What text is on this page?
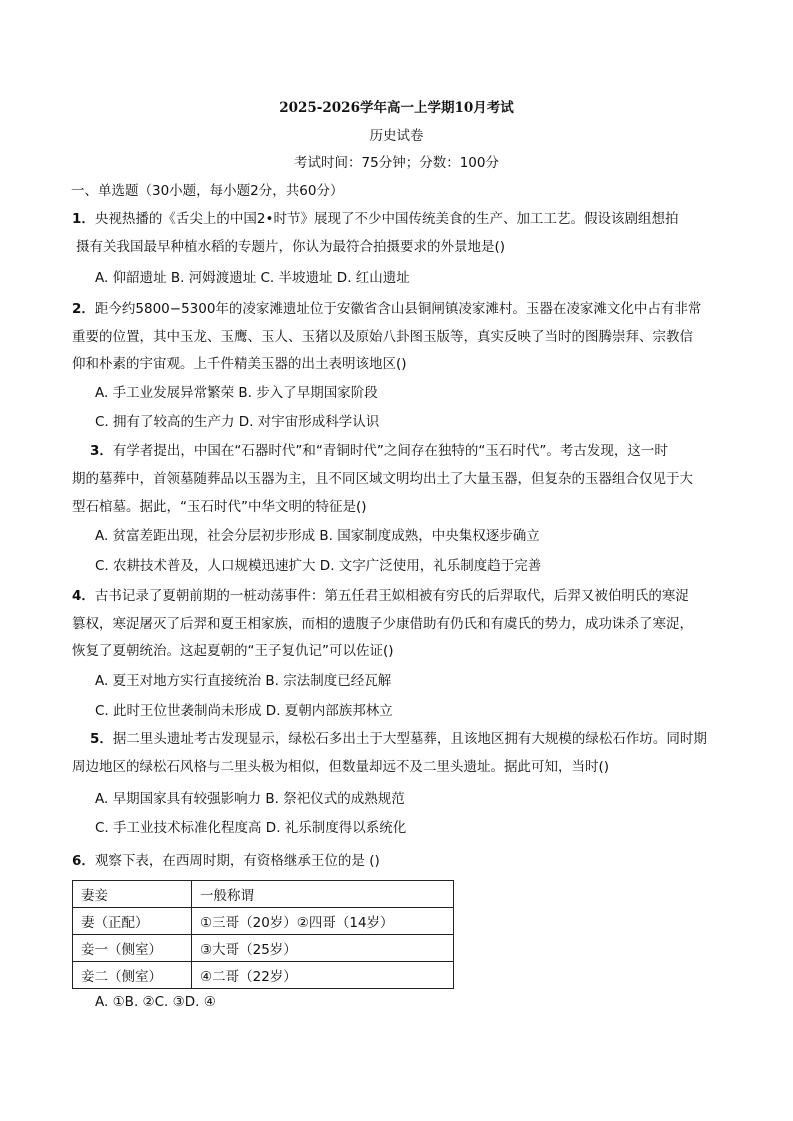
2025-2026学年高一上学期10月考试
历史试卷
考试时间：75分钟；分数：100分
一、单选题（30小题，每小题2分，共60分）
1．央视热播的《舌尖上的中国2•时节》展现了不少中国传统美食的生产、加工工艺。假设该剧组想拍
摄有关我国最早种植水稻的专题片，你认为最符合拍摄要求的外景地是()
A. 仰韶遗址 B. 河姆渡遗址 C. 半坡遗址 D. 红山遗址
2．距今约5800−5300年的凌家滩遗址位于安徽省含山县铜闸镇凌家滩村。玉器在凌家滩文化中占有非常
重要的位置，其中玉龙、玉鹰、玉人、玉猪以及原始八卦图玉版等，真实反映了当时的图腾崇拜、宗教信
仰和朴素的宇宙观。上千件精美玉器的出土表明该地区()
A. 手工业发展异常繁荣 B. 步入了早期国家阶段
C. 拥有了较高的生产力 D. 对宇宙形成科学认识
3．有学者提出，中国在“石器时代”和“青铜时代”之间存在独特的“玉石时代”。考古发现，这一时
期的墓葬中，首领墓随葬品以玉器为主，且不同区域文明均出土了大量玉器，但复杂的玉器组合仅见于大
型石棺墓。据此，“玉石时代”中华文明的特征是()
A. 贫富差距出现，社会分层初步形成 B. 国家制度成熟，中央集权逐步确立
C. 农耕技术普及，人口规模迅速扩大 D. 文字广泛使用，礼乐制度趋于完善
4．古书记录了夏朝前期的一桩动荡事件：第五任君王姒相被有穷氏的后羿取代，后羿又被伯明氏的寒浞
篡权，寒浞屠灭了后羿和夏王相家族，而相的遗腹子少康借助有仍氏和有虞氏的势力，成功诛杀了寒浞，
恢复了夏朝统治。这起夏朝的“王子复仇记”可以佐证()
A. 夏王对地方实行直接统治 B. 宗法制度已经瓦解
C. 此时王位世袭制尚未形成 D. 夏朝内部族邦林立
5．据二里头遗址考古发现显示，绿松石多出土于大型墓葬，且该地区拥有大规模的绿松石作坊。同时期
周边地区的绿松石风格与二里头极为相似，但数量却远不及二里头遗址。据此可知，当时()
A. 早期国家具有较强影响力 B. 祭祀仪式的成熟规范
C. 手工业技术标准化程度高 D. 礼乐制度得以系统化
6．观察下表，在西周时期，有资格继承王位的是 ()
妻妾	一般称谓
妻（正配）	①三哥（20岁）②四哥（14岁）
妾一（侧室）	③大哥（25岁）
妾二（侧室）	④二哥（22岁）
A. ①B. ②C. ③D. ④
